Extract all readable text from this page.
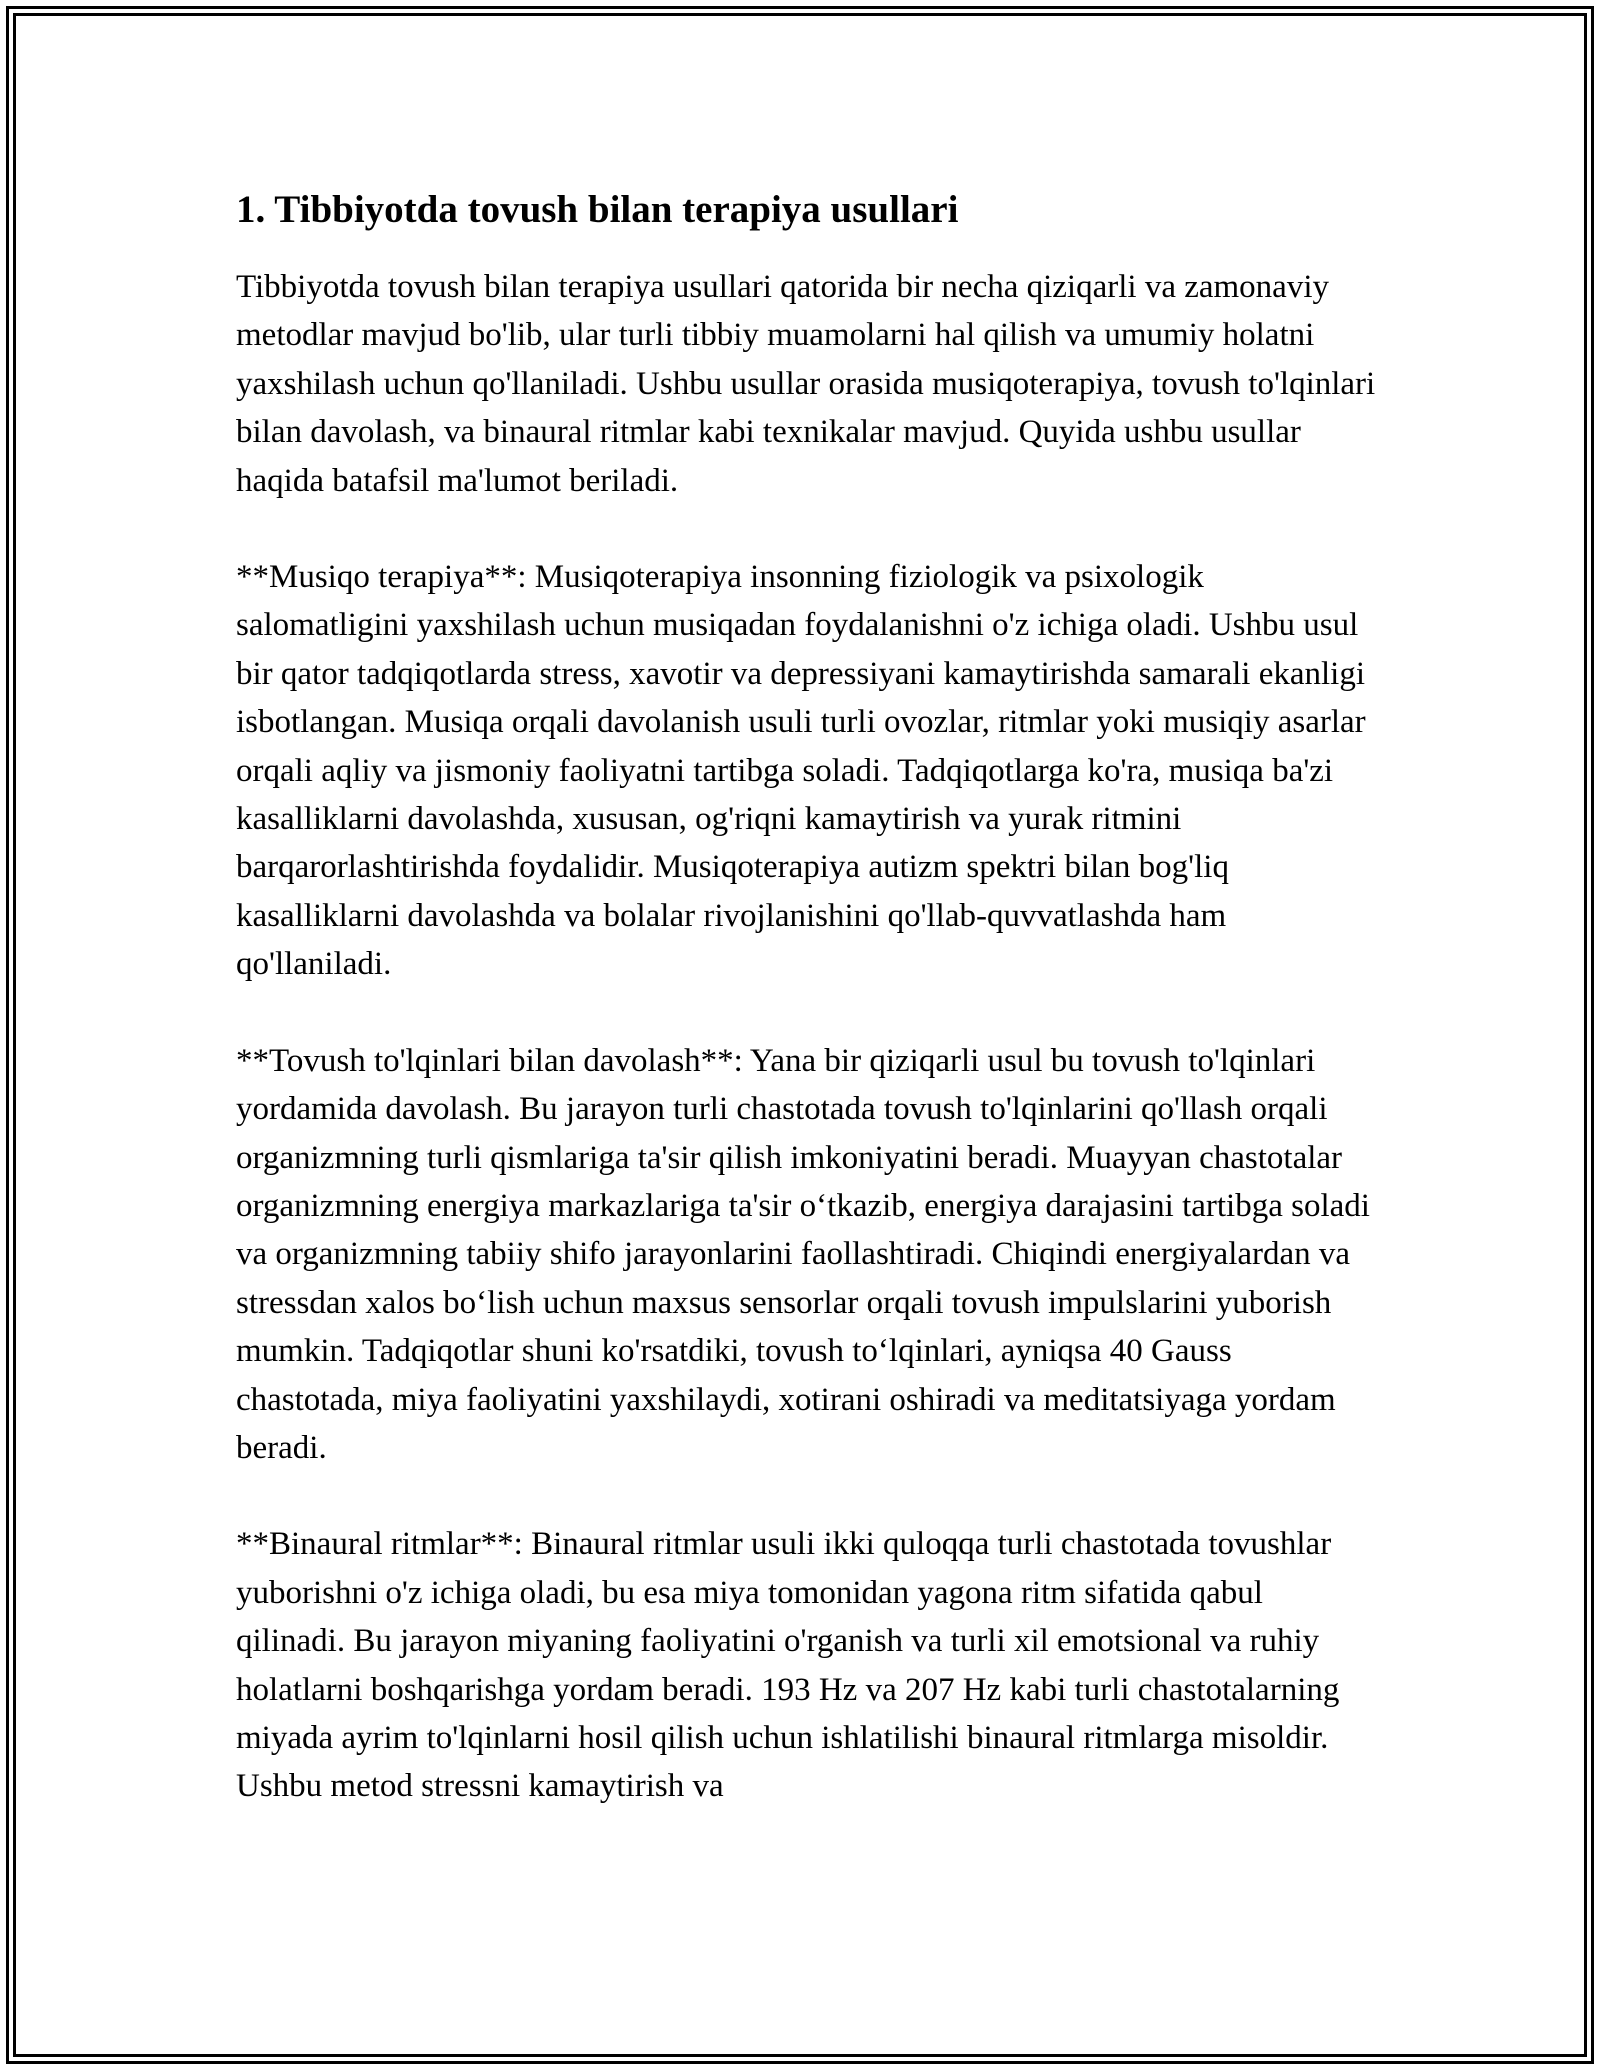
1. Tibbiyotda tovush bilan terapiya usullari

Tibbiyotda tovush bilan terapiya usullari qatorida bir necha qiziqarli va zamonaviy metodlar mavjud bo'lib, ular turli tibbiy muamolarni hal qilish va umumiy holatni yaxshilash uchun qo'llaniladi. Ushbu usullar orasida musiqoterapiya, tovush to'lqinlari bilan davolash, va binaural ritmlar kabi texnikalar mavjud. Quyida ushbu usullar haqida batafsil ma'lumot beriladi.

**Musiqo terapiya**: Musiqoterapiya insonning fiziologik va psixologik salomatligini yaxshilash uchun musiqadan foydalanishni o'z ichiga oladi. Ushbu usul bir qator tadqiqotlarda stress, xavotir va depressiyani kamaytirishda samarali ekanligi isbotlangan. Musiqa orqali davolanish usuli turli ovozlar, ritmlar yoki musiqiy asarlar orqali aqliy va jismoniy faoliyatni tartibga soladi. Tadqiqotlarga ko'ra, musiqa ba'zi kasalliklarni davolashda, xususan, og'riqni kamaytirish va yurak ritmini barqarorlashtirishda foydalidir. Musiqoterapiya autizm spektri bilan bog'liq kasalliklarni davolashda va bolalar rivojlanishini qo'llab-quvvatlashda ham qo'llaniladi.

**Tovush to'lqinlari bilan davolash**: Yana bir qiziqarli usul bu tovush to'lqinlari yordamida davolash. Bu jarayon turli chastotada tovush to'lqinlarini qo'llash orqali organizmning turli qismlariga ta'sir qilish imkoniyatini beradi. Muayyan chastotalar organizmning energiya markazlariga ta'sir o‘tkazib, energiya darajasini tartibga soladi va organizmning tabiiy shifo jarayonlarini faollashtiradi. Chiqindi energiyalardan va stressdan xalos bo‘lish uchun maxsus sensorlar orqali tovush impulslarini yuborish mumkin. Tadqiqotlar shuni ko'rsatdiki, tovush to‘lqinlari, ayniqsa 40 Gauss chastotada, miya faoliyatini yaxshilaydi, xotirani oshiradi va meditatsiyaga yordam beradi.

**Binaural ritmlar**: Binaural ritmlar usuli ikki quloqqa turli chastotada tovushlar yuborishni o'z ichiga oladi, bu esa miya tomonidan yagona ritm sifatida qabul qilinadi. Bu jarayon miyaning faoliyatini o'rganish va turli xil emotsional va ruhiy holatlarni boshqarishga yordam beradi. 193 Hz va 207 Hz kabi turli chastotalarning miyada ayrim to'lqinlarni hosil qilish uchun ishlatilishi binaural ritmlarga misoldir. Ushbu metod stressni kamaytirish va
